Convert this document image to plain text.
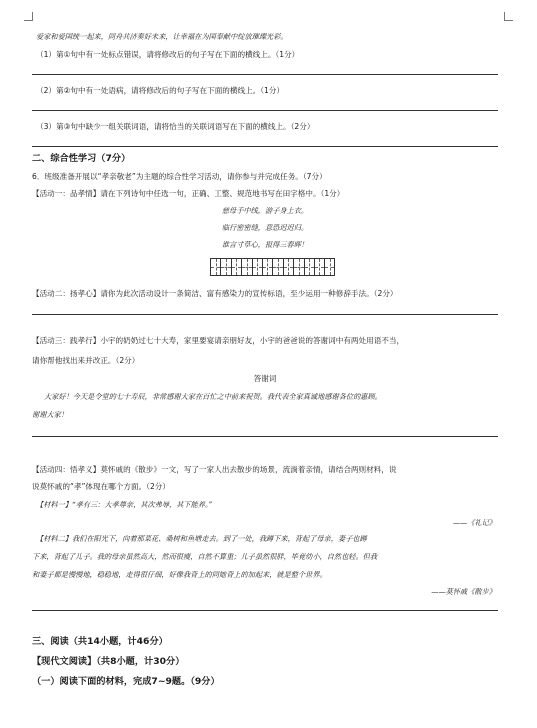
爱家和爱国统一起来，同舟共济奏好未来，让幸福在为国奉献中绽放璀璨光彩。
（1）第①句中有一处标点错误，请将修改后的句子写在下面的横线上。（1分）
（2）第②句中有一处语病，请将修改后的句子写在下面的横线上。（1分）
（3）第③句中缺少一组关联词语，请将恰当的关联词语写在下面的横线上。（2分）
二、综合性学习（7分）
6．班级准备开展以“孝亲敬老”为主题的综合性学习活动，请你参与并完成任务。（7分）
【活动一：品孝情】请在下列诗句中任选一句，正确、工整、规范地书写在田字格中。（1分）
慈母手中线，游子身上衣。
临行密密缝，意恐迟迟归。
谁言寸草心，报得三春晖！
【活动二：扬孝心】请你为此次活动设计一条简洁、富有感染力的宣传标语，至少运用一种修辞手法。（2分）
【活动三：践孝行】小宇的奶奶过七十大寿，家里要宴请亲朋好友，小宇的爸爸说的答谢词中有两处用语不当，
请你帮他找出来并改正。（2分）
答谢词
大家好！今天是令堂的七十寿辰，非常感谢大家在百忙之中前来祝贺。我代表全家真诚地感谢各位的惠顾。
谢谢大家！
【活动四：悟孝义】莫怀戚的《散步》一文，写了一家人出去散步的场景，流淌着亲情，请结合两则材料，说
说莫怀戚的“孝”体现在哪个方面。（2分）
【材料一】“孝有三：大孝尊亲，其次弗辱，其下能养。”
——《礼记》
【材料二】我们在阳光下，向着那菜花、桑树和鱼塘走去。到了一处，我蹲下来，背起了母亲，妻子也蹲
下来，背起了儿子。我的母亲虽然高大，然而很瘦，自然不算重；儿子虽然很胖，毕竟幼小，自然也轻。但我
和妻子都是慢慢地，稳稳地，走得很仔细，好像我背上的同她背上的加起来，就是整个世界。
——莫怀戚《散步》
三、阅读（共14小题，计46分）
【现代文阅读】（共8小题，计30分）
（一）阅读下面的材料，完成7~9题。（9分）
